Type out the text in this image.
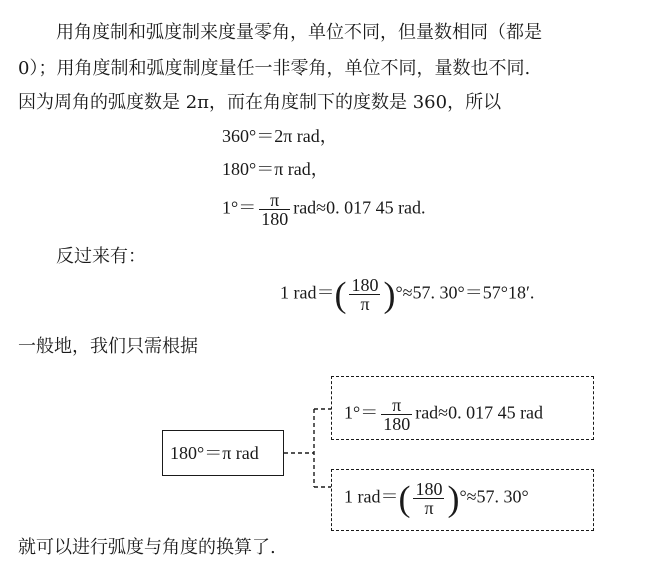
用角度制和弧度制来度量零角，单位不同，但量数相同（都是
0）；用角度制和弧度制度量任一非零角，单位不同，量数也不同.
因为周角的弧度数是 2π，而在角度制下的度数是 360，所以
360°＝2π rad，
180°＝π rad，
$1^\circ= \frac{\pi}{180} rad\approx 0$. 017 45 rad.
反过来有：
1 $rad=( \frac{180}{\pi} )^\circ\approx 57$. 30°＝57°18′.
一般地，我们只需根据
$1^\circ= \frac{\pi}{180} rad\approx 0$. 017 45 rad
180°＝π rad
1 $rad=( \frac{180}{\pi} )^\circ\approx 57$. 30°
就可以进行弧度与角度的换算了.
